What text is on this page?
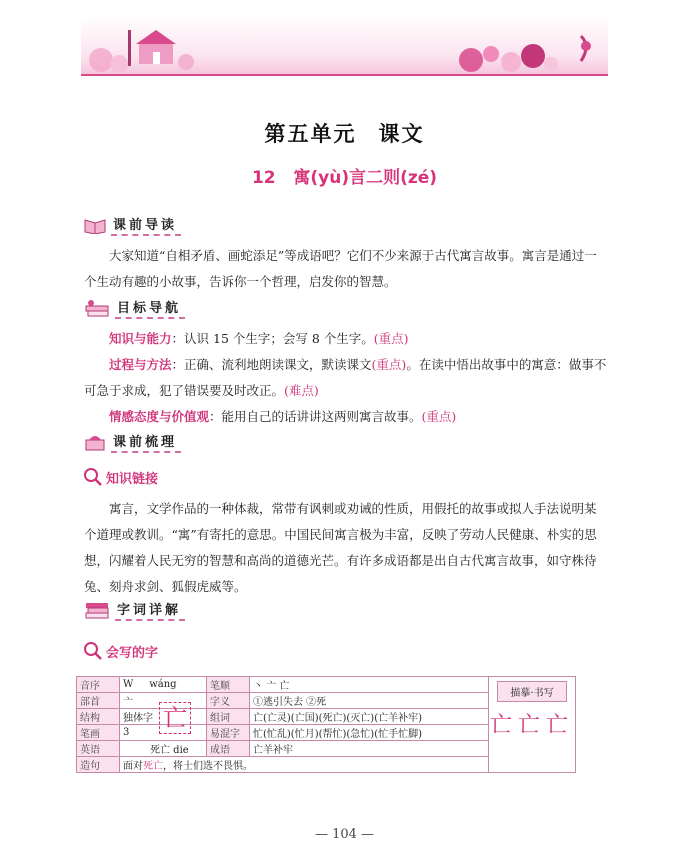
第五单元 课文
12 寓(yù)言二则(zé)
课前导读

大家知道“自相矛盾、画蛇添足”等成语吧？它们不少来源于古代寓言故事。寓言是通过一个生动有趣的小故事，告诉你一个哲理，启发你的智慧。

目标导航

知识与能力：认识 15 个生字；会写 8 个生字。(重点)

过程与方法：正确、流利地朗读课文，默读课文(重点)。在读中悟出故事中的寓意：做事不可急于求成，犯了错误要及时改正。(难点)

情感态度与价值观：能用自己的话讲讲这两则寓言故事。(重点)

课前梳理
知识链接

寓言，文学作品的一种体裁，常带有讽刺或劝诫的性质，用假托的故事或拟人手法说明某个道理或教训。“寓”有寄托的意思。中国民间寓言极为丰富，反映了劳动人民健康、朴实的思想，闪耀着人民无穷的智慧和高尚的道德光芒。有许多成语都是出自古代寓言故事，如守株待兔、刻舟求剑、狐假虎威等。

字词详解
会写的字
音序	W wáng	笔顺	丶 亠 亡	描摹·书写
亡亡亡

部首	亠	字义	①逃引失去 ②死	
结构	独体字	组词	亡(亡灵)(亡国)(死亡)(灭亡)(亡羊补牢)	
笔画	3	易混字	忙(忙乱)(忙月)(帮忙)(急忙)(忙手忙脚)	
英语	死亡 die	成语	亡羊补牢	
造句	面对死亡，将士们选不畏惧。			
亡
— 104 —
